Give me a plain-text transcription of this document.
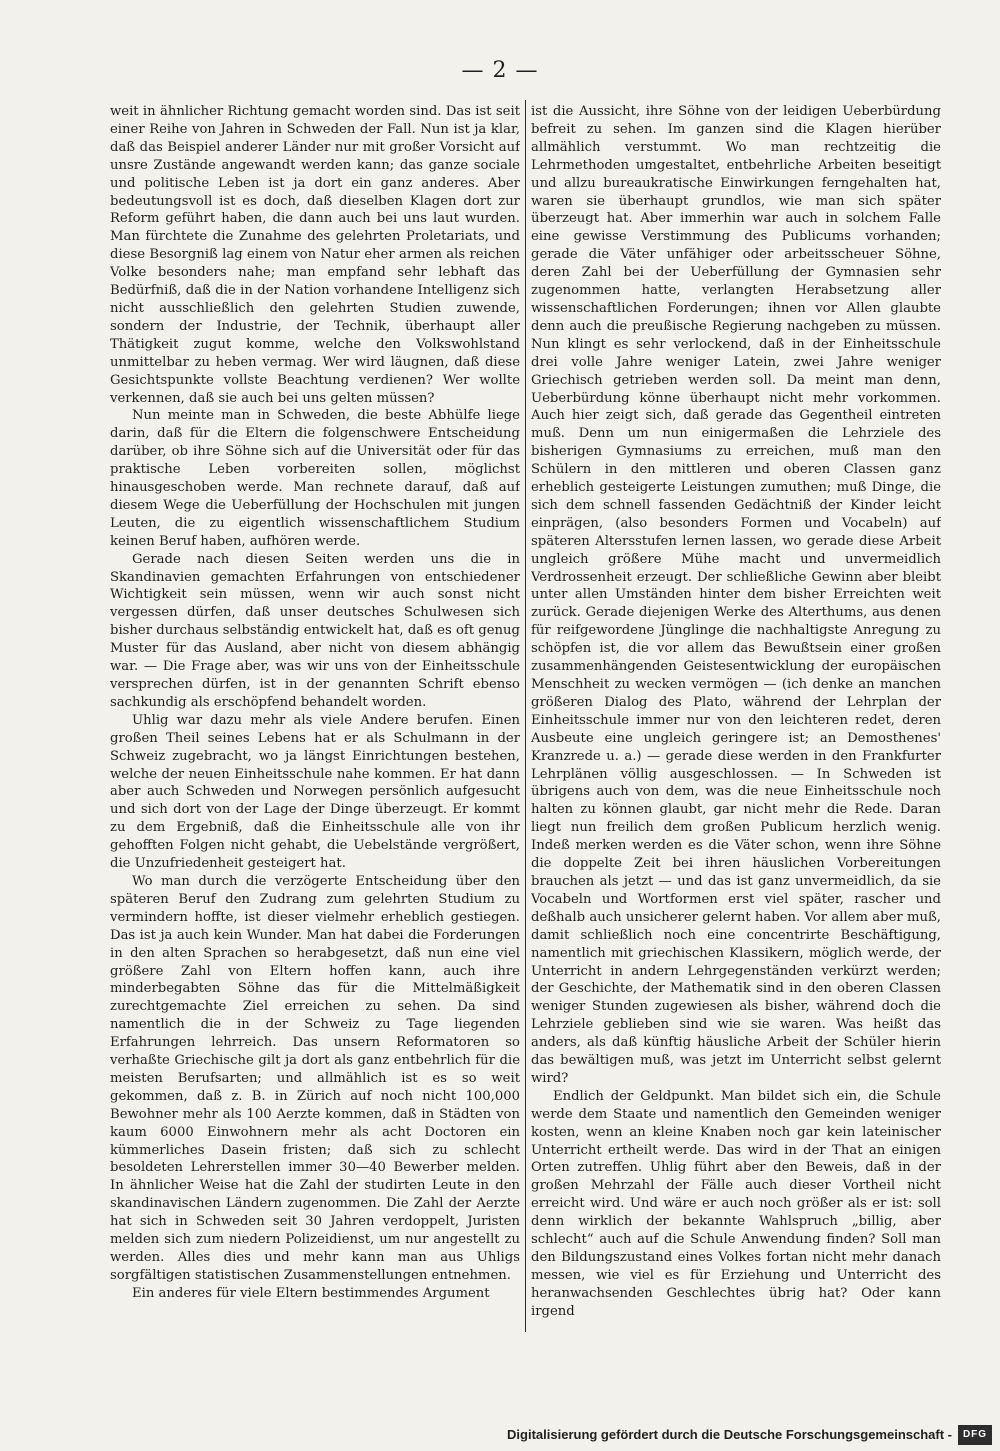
— 2 —

weit in ähnlicher Richtung gemacht worden sind. Das ist seit einer Reihe von Jahren in Schweden der Fall. Nun ist ja klar, daß das Beispiel anderer Länder nur mit großer Vorsicht auf unsre Zustände angewandt werden kann; das ganze sociale und politische Leben ist ja dort ein ganz anderes. Aber bedeutungsvoll ist es doch, daß dieselben Klagen dort zur Reform geführt haben, die dann auch bei uns laut wurden. Man fürchtete die Zunahme des gelehrten Proletariats, und diese Besorgniß lag einem von Natur eher armen als reichen Volke besonders nahe; man empfand sehr lebhaft das Bedürfniß, daß die in der Nation vorhandene Intelligenz sich nicht ausschließlich den gelehrten Studien zuwende, sondern der Industrie, der Technik, überhaupt aller Thätigkeit zugut komme, welche den Volkswohlstand unmittelbar zu heben vermag. Wer wird läugnen, daß diese Gesichtspunkte vollste Beachtung verdienen? Wer wollte verkennen, daß sie auch bei uns gelten müssen?

Nun meinte man in Schweden, die beste Abhülfe liege darin, daß für die Eltern die folgenschwere Entscheidung darüber, ob ihre Söhne sich auf die Universität oder für das praktische Leben vorbereiten sollen, möglichst hinausgeschoben werde. Man rechnete darauf, daß auf diesem Wege die Ueberfüllung der Hochschulen mit jungen Leuten, die zu eigentlich wissenschaftlichem Studium keinen Beruf haben, aufhören werde.

Gerade nach diesen Seiten werden uns die in Skandinavien gemachten Erfahrungen von entschiedener Wichtigkeit sein müssen, wenn wir auch sonst nicht vergessen dürfen, daß unser deutsches Schulwesen sich bisher durchaus selbständig entwickelt hat, daß es oft genug Muster für das Ausland, aber nicht von diesem abhängig war. — Die Frage aber, was wir uns von der Einheitsschule versprechen dürfen, ist in der genannten Schrift ebenso sachkundig als erschöpfend behandelt worden.

Uhlig war dazu mehr als viele Andere berufen. Einen großen Theil seines Lebens hat er als Schulmann in der Schweiz zugebracht, wo ja längst Einrichtungen bestehen, welche der neuen Einheitsschule nahe kommen. Er hat dann aber auch Schweden und Norwegen persönlich aufgesucht und sich dort von der Lage der Dinge überzeugt. Er kommt zu dem Ergebniß, daß die Einheitsschule alle von ihr gehofften Folgen nicht gehabt, die Uebelstände vergrößert, die Unzufriedenheit gesteigert hat.

Wo man durch die verzögerte Entscheidung über den späteren Beruf den Zudrang zum gelehrten Studium zu vermindern hoffte, ist dieser vielmehr erheblich gestiegen. Das ist ja auch kein Wunder. Man hat dabei die Forderungen in den alten Sprachen so herabgesetzt, daß nun eine viel größere Zahl von Eltern hoffen kann, auch ihre minderbegabten Söhne das für die Mittelmäßigkeit zurechtgemachte Ziel erreichen zu sehen. Da sind namentlich die in der Schweiz zu Tage liegenden Erfahrungen lehrreich. Das unsern Reformatoren so verhaßte Griechische gilt ja dort als ganz entbehrlich für die meisten Berufsarten; und allmählich ist es so weit gekommen, daß z. B. in Zürich auf noch nicht 100,000 Bewohner mehr als 100 Aerzte kommen, daß in Städten von kaum 6000 Einwohnern mehr als acht Doctoren ein kümmerliches Dasein fristen; daß sich zu schlecht besoldeten Lehrerstellen immer 30—40 Bewerber melden. In ähnlicher Weise hat die Zahl der studirten Leute in den skandinavischen Ländern zugenommen. Die Zahl der Aerzte hat sich in Schweden seit 30 Jahren verdoppelt, Juristen melden sich zum niedern Polizeidienst, um nur angestellt zu werden. Alles dies und mehr kann man aus Uhligs sorgfältigen statistischen Zusammenstellungen entnehmen.

Ein anderes für viele Eltern bestimmendes Argument

ist die Aussicht, ihre Söhne von der leidigen Ueberbürdung befreit zu sehen. Im ganzen sind die Klagen hierüber allmählich verstummt. Wo man rechtzeitig die Lehrmethoden umgestaltet, entbehrliche Arbeiten beseitigt und allzu bureaukratische Einwirkungen ferngehalten hat, waren sie überhaupt grundlos, wie man sich später überzeugt hat. Aber immerhin war auch in solchem Falle eine gewisse Verstimmung des Publicums vorhanden; gerade die Väter unfähiger oder arbeitsscheuer Söhne, deren Zahl bei der Ueberfüllung der Gymnasien sehr zugenommen hatte, verlangten Herabsetzung aller wissenschaftlichen Forderungen; ihnen vor Allen glaubte denn auch die preußische Regierung nachgeben zu müssen. Nun klingt es sehr verlockend, daß in der Einheitsschule drei volle Jahre weniger Latein, zwei Jahre weniger Griechisch getrieben werden soll. Da meint man denn, Ueberbürdung könne überhaupt nicht mehr vorkommen. Auch hier zeigt sich, daß gerade das Gegentheil eintreten muß. Denn um nun einigermaßen die Lehrziele des bisherigen Gymnasiums zu erreichen, muß man den Schülern in den mittleren und oberen Classen ganz erheblich gesteigerte Leistungen zumuthen; muß Dinge, die sich dem schnell fassenden Gedächtniß der Kinder leicht einprägen, (also besonders Formen und Vocabeln) auf späteren Altersstufen lernen lassen, wo gerade diese Arbeit ungleich größere Mühe macht und unvermeidlich Verdrossenheit erzeugt. Der schließliche Gewinn aber bleibt unter allen Umständen hinter dem bisher Erreichten weit zurück. Gerade diejenigen Werke des Alterthums, aus denen für reifgewordene Jünglinge die nachhaltigste Anregung zu schöpfen ist, die vor allem das Bewußtsein einer großen zusammenhängenden Geistesentwicklung der europäischen Menschheit zu wecken vermögen — (ich denke an manchen größeren Dialog des Plato, während der Lehrplan der Einheitsschule immer nur von den leichteren redet, deren Ausbeute eine ungleich geringere ist; an Demosthenes' Kranzrede u. a.) — gerade diese werden in den Frankfurter Lehrplänen völlig ausgeschlossen. — In Schweden ist übrigens auch von dem, was die neue Einheitsschule noch halten zu können glaubt, gar nicht mehr die Rede. Daran liegt nun freilich dem großen Publicum herzlich wenig. Indeß merken werden es die Väter schon, wenn ihre Söhne die doppelte Zeit bei ihren häuslichen Vorbereitungen brauchen als jetzt — und das ist ganz unvermeidlich, da sie Vocabeln und Wortformen erst viel später, rascher und deßhalb auch unsicherer gelernt haben. Vor allem aber muß, damit schließlich noch eine concentrirte Beschäftigung, namentlich mit griechischen Klassikern, möglich werde, der Unterricht in andern Lehrgegenständen verkürzt werden; der Geschichte, der Mathematik sind in den oberen Classen weniger Stunden zugewiesen als bisher, während doch die Lehrziele geblieben sind wie sie waren. Was heißt das anders, als daß künftig häusliche Arbeit der Schüler hierin das bewältigen muß, was jetzt im Unterricht selbst gelernt wird?

Endlich der Geldpunkt. Man bildet sich ein, die Schule werde dem Staate und namentlich den Gemeinden weniger kosten, wenn an kleine Knaben noch gar kein lateinischer Unterricht ertheilt werde. Das wird in der That an einigen Orten zutreffen. Uhlig führt aber den Beweis, daß in der großen Mehrzahl der Fälle auch dieser Vortheil nicht erreicht wird. Und wäre er auch noch größer als er ist: soll denn wirklich der bekannte Wahlspruch „billig, aber schlecht“ auch auf die Schule Anwendung finden? Soll man den Bildungszustand eines Volkes fortan nicht mehr danach messen, wie viel es für Erziehung und Unterricht des heranwachsenden Geschlechtes übrig hat? Oder kann irgend

Digitalisierung gefördert durch die Deutsche Forschungsgemeinschaft -	DFG
